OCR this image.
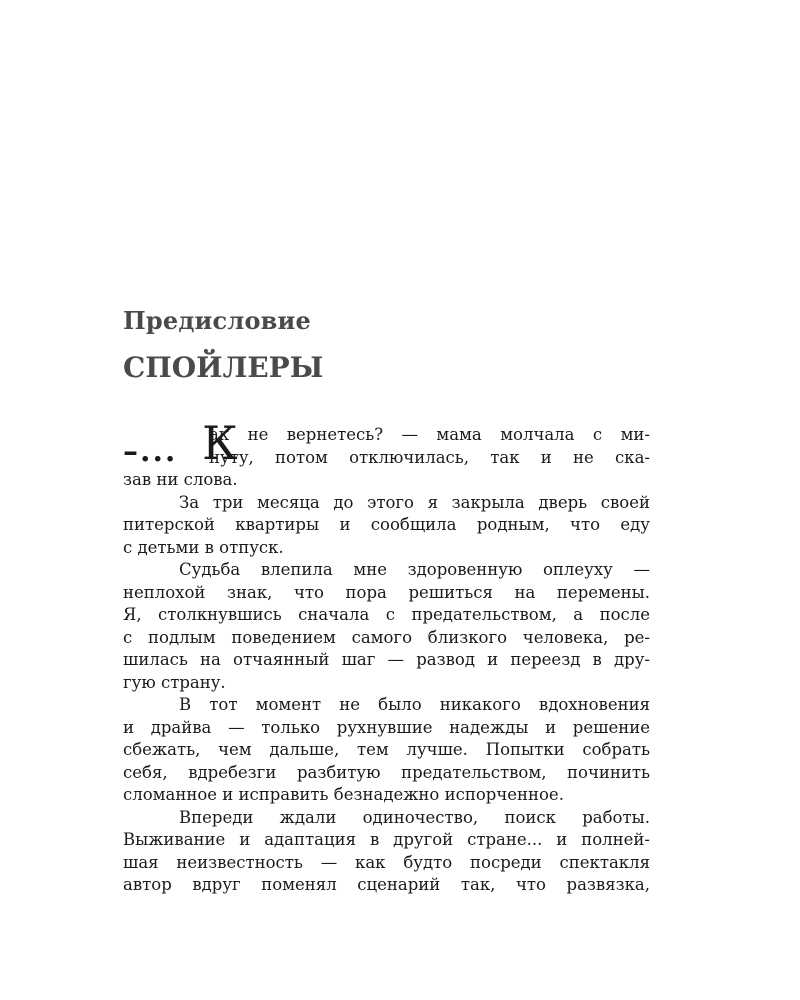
Предисловие
СПОЙЛЕРЫ
–... К
ак не вернетесь? — мама молчала с ми-
нуту, потом отключилась, так и не ска-
зав ни слова.
За три месяца до этого я закрыла дверь своей
питерской квартиры и сообщила родным, что еду
с детьми в отпуск.
Судьба влепила мне здоровенную оплеуху —
неплохой знак, что пора решиться на перемены.
Я, столкнувшись сначала с предательством, а после
с подлым поведением самого близкого человека, ре-
шилась на отчаянный шаг — развод и переезд в дру-
гую страну.
В тот момент не было никакого вдохновения
и драйва — только рухнувшие надежды и решение
сбежать, чем дальше, тем лучше. Попытки собрать
себя, вдребезги разбитую предательством, починить
сломанное и исправить безнадежно испорченное.
Впереди ждали одиночество, поиск работы.
Выживание и адаптация в другой стране... и полней-
шая неизвестность — как будто посреди спектакля
автор вдруг поменял сценарий так, что развязка,
